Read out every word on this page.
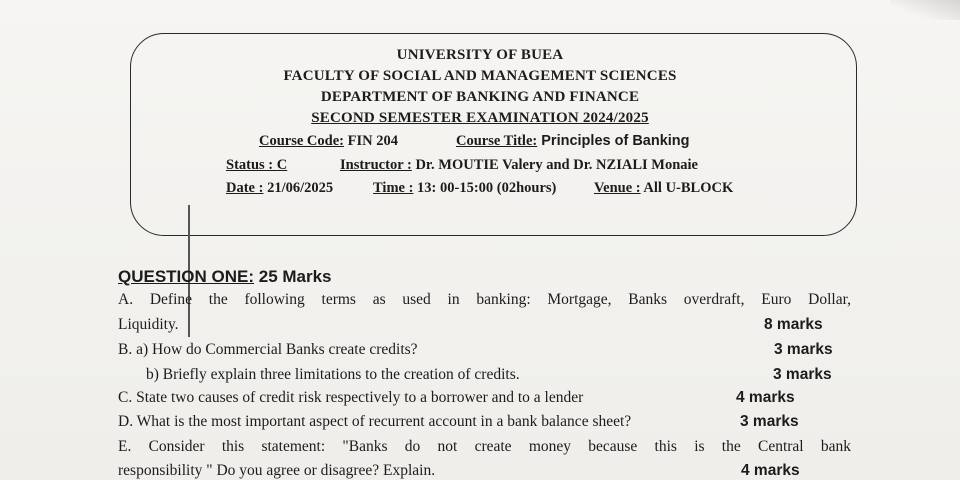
UNIVERSITY OF BUEA
FACULTY OF SOCIAL AND MANAGEMENT SCIENCES
DEPARTMENT OF BANKING AND FINANCE
SECOND SEMESTER EXAMINATION 2024/2025
Course Code: FIN 204	Course Title: Principles of Banking
Status : C	Instructor : Dr. MOUTIE Valery and Dr. NZIALI Monaie
Date : 21/06/2025	Time : 13: 00-15:00 (02hours)	Venue : All U-BLOCK
QUESTION ONE: 25 Marks
A. Define the following terms as used in banking: Mortgage, Banks overdraft, Euro Dollar,
Liquidity.	8 marks
B. a) How do Commercial Banks create credits?	3 marks
b) Briefly explain three limitations to the creation of credits.	3 marks
C. State two causes of credit risk respectively to a borrower and to a lender	4 marks
D. What is the most important aspect of recurrent account in a bank balance sheet?	3 marks
E. Consider this statement: "Banks do not create money because this is the Central bank
responsibility " Do you agree or disagree? Explain.	4 marks
